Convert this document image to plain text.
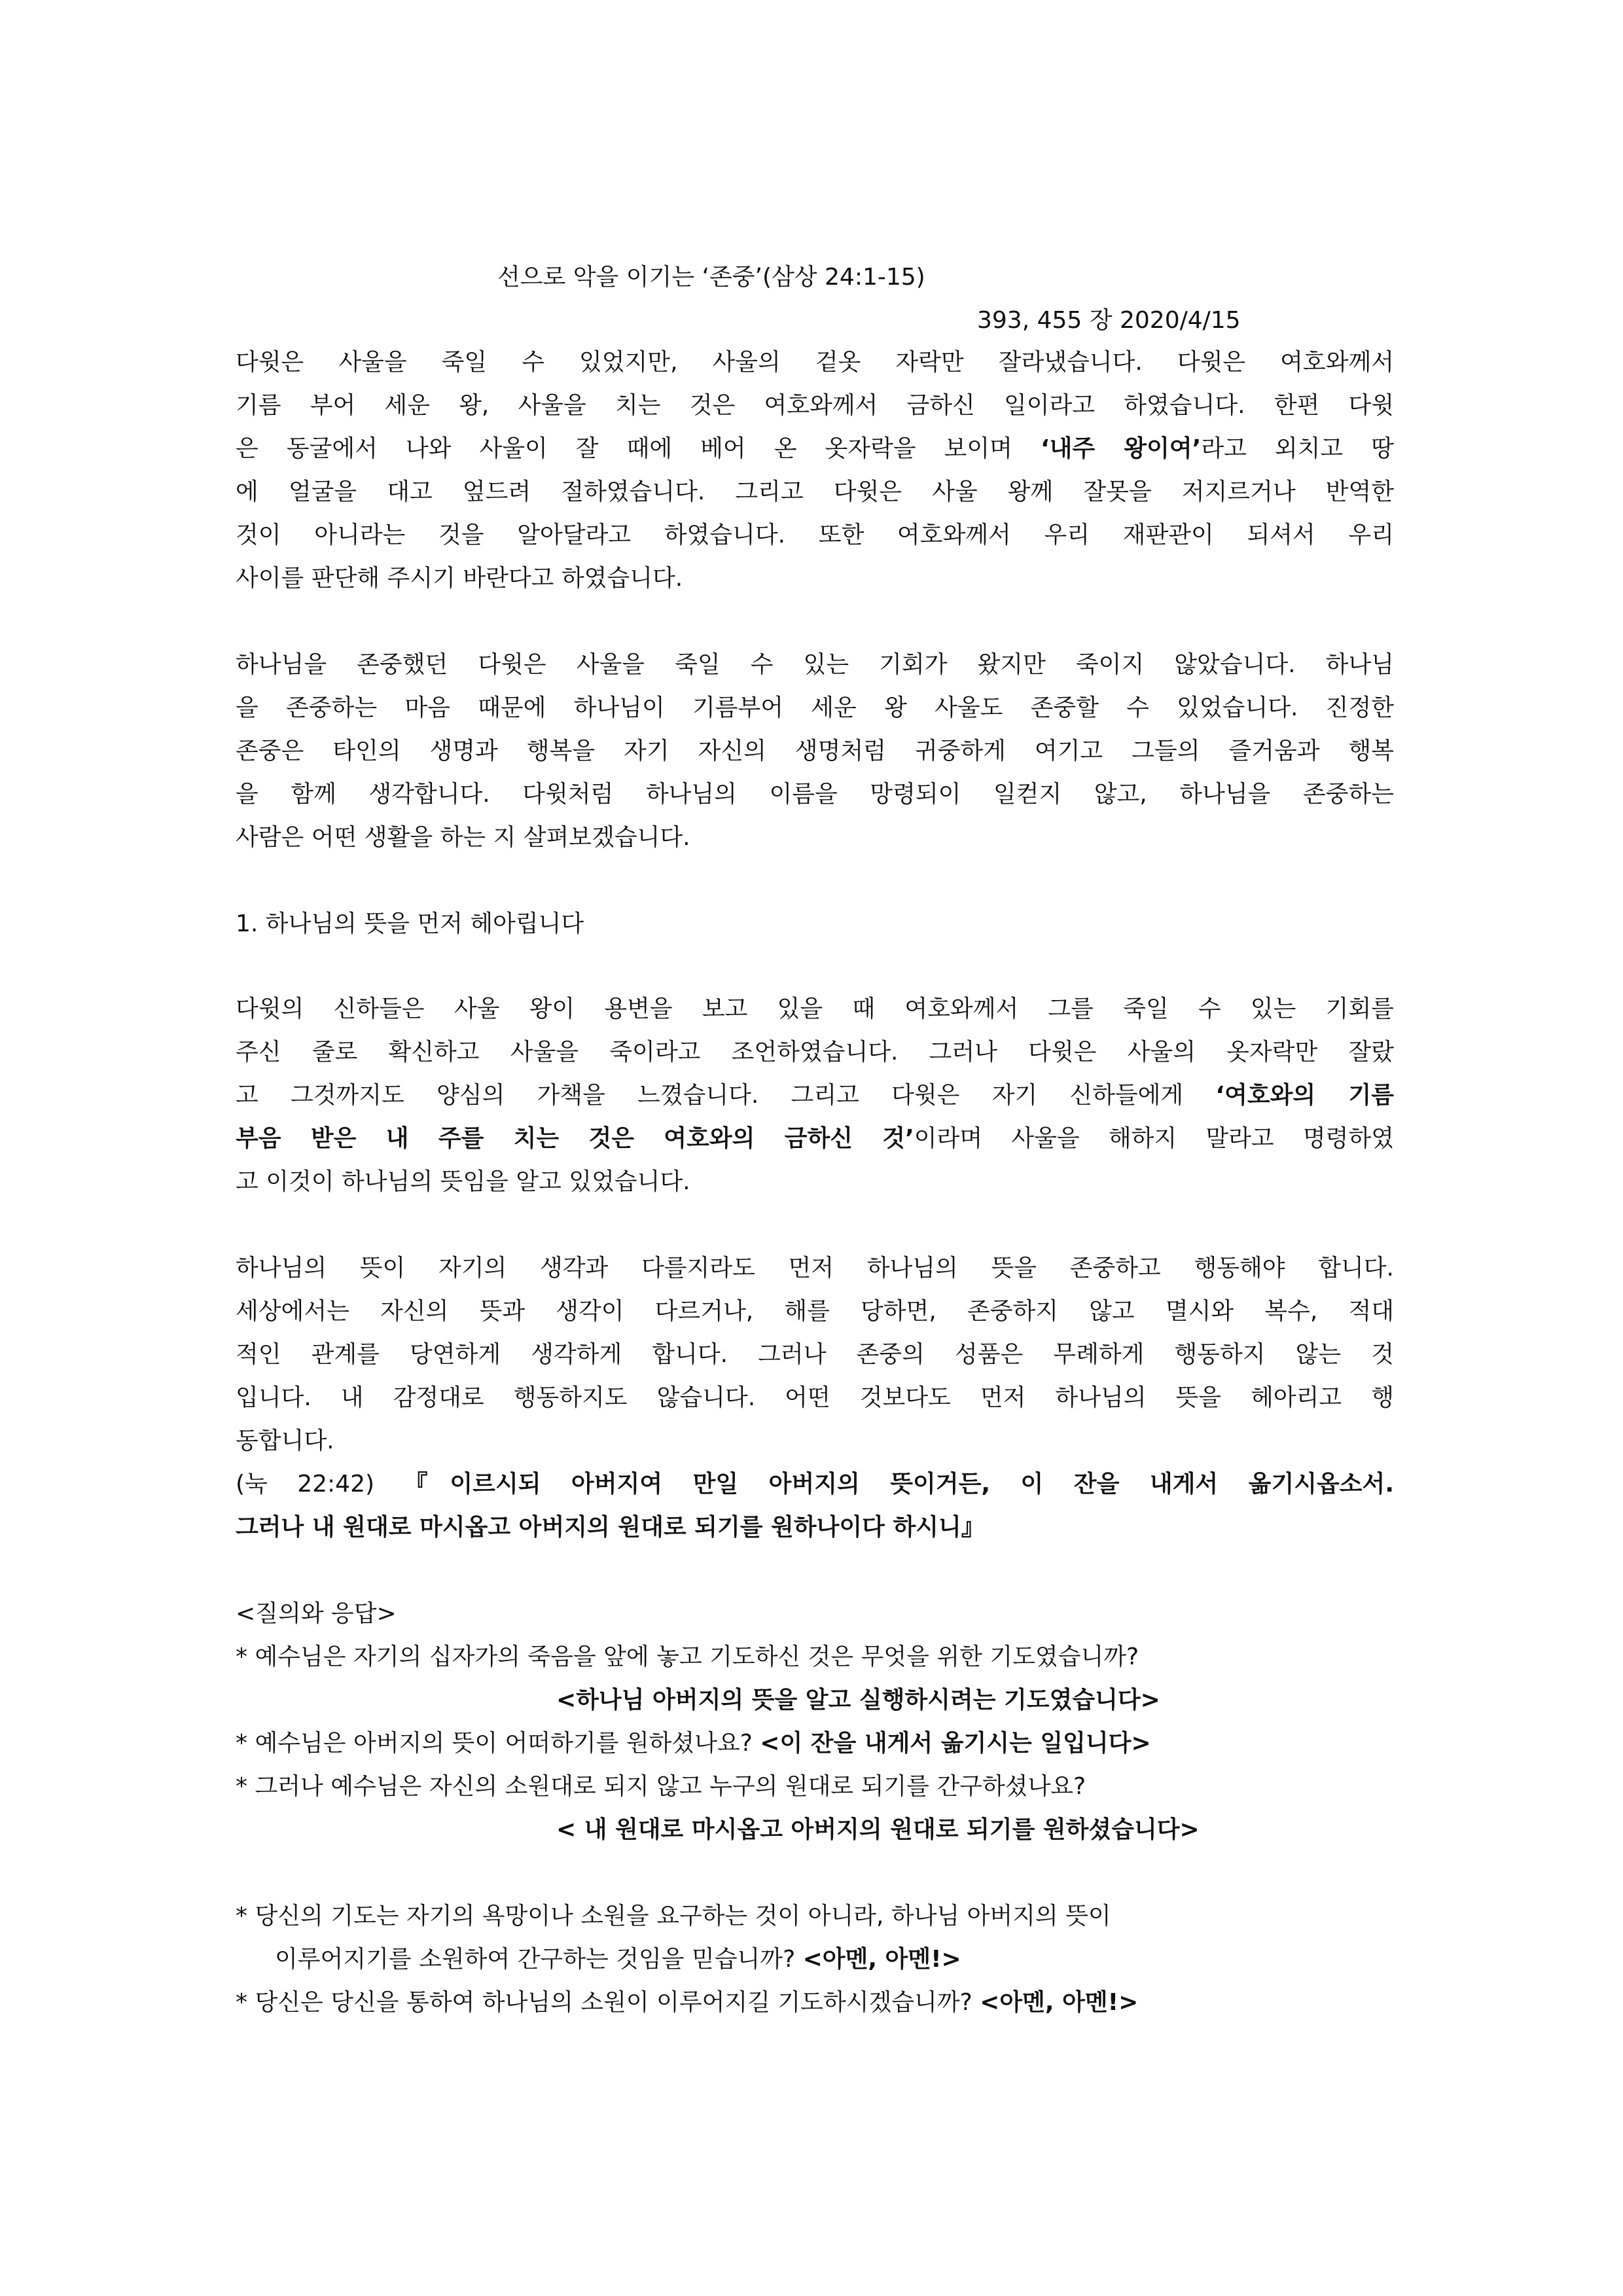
선으로 악을 이기는 ‘존중’(삼상 24:1-15)
393, 455 장 2020/4/15
다윗은 사울을 죽일 수 있었지만, 사울의 겉옷 자락만 잘라냈습니다. 다윗은 여호와께서
기름 부어 세운 왕, 사울을 치는 것은 여호와께서 금하신 일이라고 하였습니다. 한편 다윗
은 동굴에서 나와 사울이 잘 때에 베어 온 옷자락을 보이며 ‘내주 왕이여’라고 외치고 땅
에 얼굴을 대고 엎드려 절하였습니다. 그리고 다윗은 사울 왕께 잘못을 저지르거나 반역한
것이 아니라는 것을 알아달라고 하였습니다. 또한 여호와께서 우리 재판관이 되셔서 우리
사이를 판단해 주시기 바란다고 하였습니다.
하나님을 존중했던 다윗은 사울을 죽일 수 있는 기회가 왔지만 죽이지 않았습니다. 하나님
을 존중하는 마음 때문에 하나님이 기름부어 세운 왕 사울도 존중할 수 있었습니다. 진정한
존중은 타인의 생명과 행복을 자기 자신의 생명처럼 귀중하게 여기고 그들의 즐거움과 행복
을 함께 생각합니다. 다윗처럼 하나님의 이름을 망령되이 일컫지 않고, 하나님을 존중하는
사람은 어떤 생활을 하는 지 살펴보겠습니다.
1. 하나님의 뜻을 먼저 헤아립니다
다윗의 신하들은 사울 왕이 용변을 보고 있을 때 여호와께서 그를 죽일 수 있는 기회를
주신 줄로 확신하고 사울을 죽이라고 조언하였습니다. 그러나 다윗은 사울의 옷자락만 잘랐
고 그것까지도 양심의 가책을 느꼈습니다. 그리고 다윗은 자기 신하들에게 ‘여호와의 기름
부음 받은 내 주를 치는 것은 여호와의 금하신 것’이라며 사울을 해하지 말라고 명령하였
고 이것이 하나님의 뜻임을 알고 있었습니다.
하나님의 뜻이 자기의 생각과 다를지라도 먼저 하나님의 뜻을 존중하고 행동해야 합니다.
세상에서는 자신의 뜻과 생각이 다르거나, 해를 당하면, 존중하지 않고 멸시와 복수, 적대
적인 관계를 당연하게 생각하게 합니다. 그러나 존중의 성품은 무례하게 행동하지 않는 것
입니다. 내 감정대로 행동하지도 않습니다. 어떤 것보다도 먼저 하나님의 뜻을 헤아리고 행
동합니다.
(눅 22:42) 『이르시되 아버지여 만일 아버지의 뜻이거든, 이 잔을 내게서 옮기시옵소서.
그러나 내 원대로 마시옵고 아버지의 원대로 되기를 원하나이다 하시니』
<질의와 응답>
* 예수님은 자기의 십자가의 죽음을 앞에 놓고 기도하신 것은 무엇을 위한 기도였습니까?
<하나님 아버지의 뜻을 알고 실행하시려는 기도였습니다>
* 예수님은 아버지의 뜻이 어떠하기를 원하셨나요? <이 잔을 내게서 옮기시는 일입니다>
* 그러나 예수님은 자신의 소원대로 되지 않고 누구의 원대로 되기를 간구하셨나요?
< 내 원대로 마시옵고 아버지의 원대로 되기를 원하셨습니다>
* 당신의 기도는 자기의 욕망이나 소원을 요구하는 것이 아니라, 하나님 아버지의 뜻이
이루어지기를 소원하여 간구하는 것임을 믿습니까? <아멘, 아멘!>
* 당신은 당신을 통하여 하나님의 소원이 이루어지길 기도하시겠습니까? <아멘, 아멘!>
